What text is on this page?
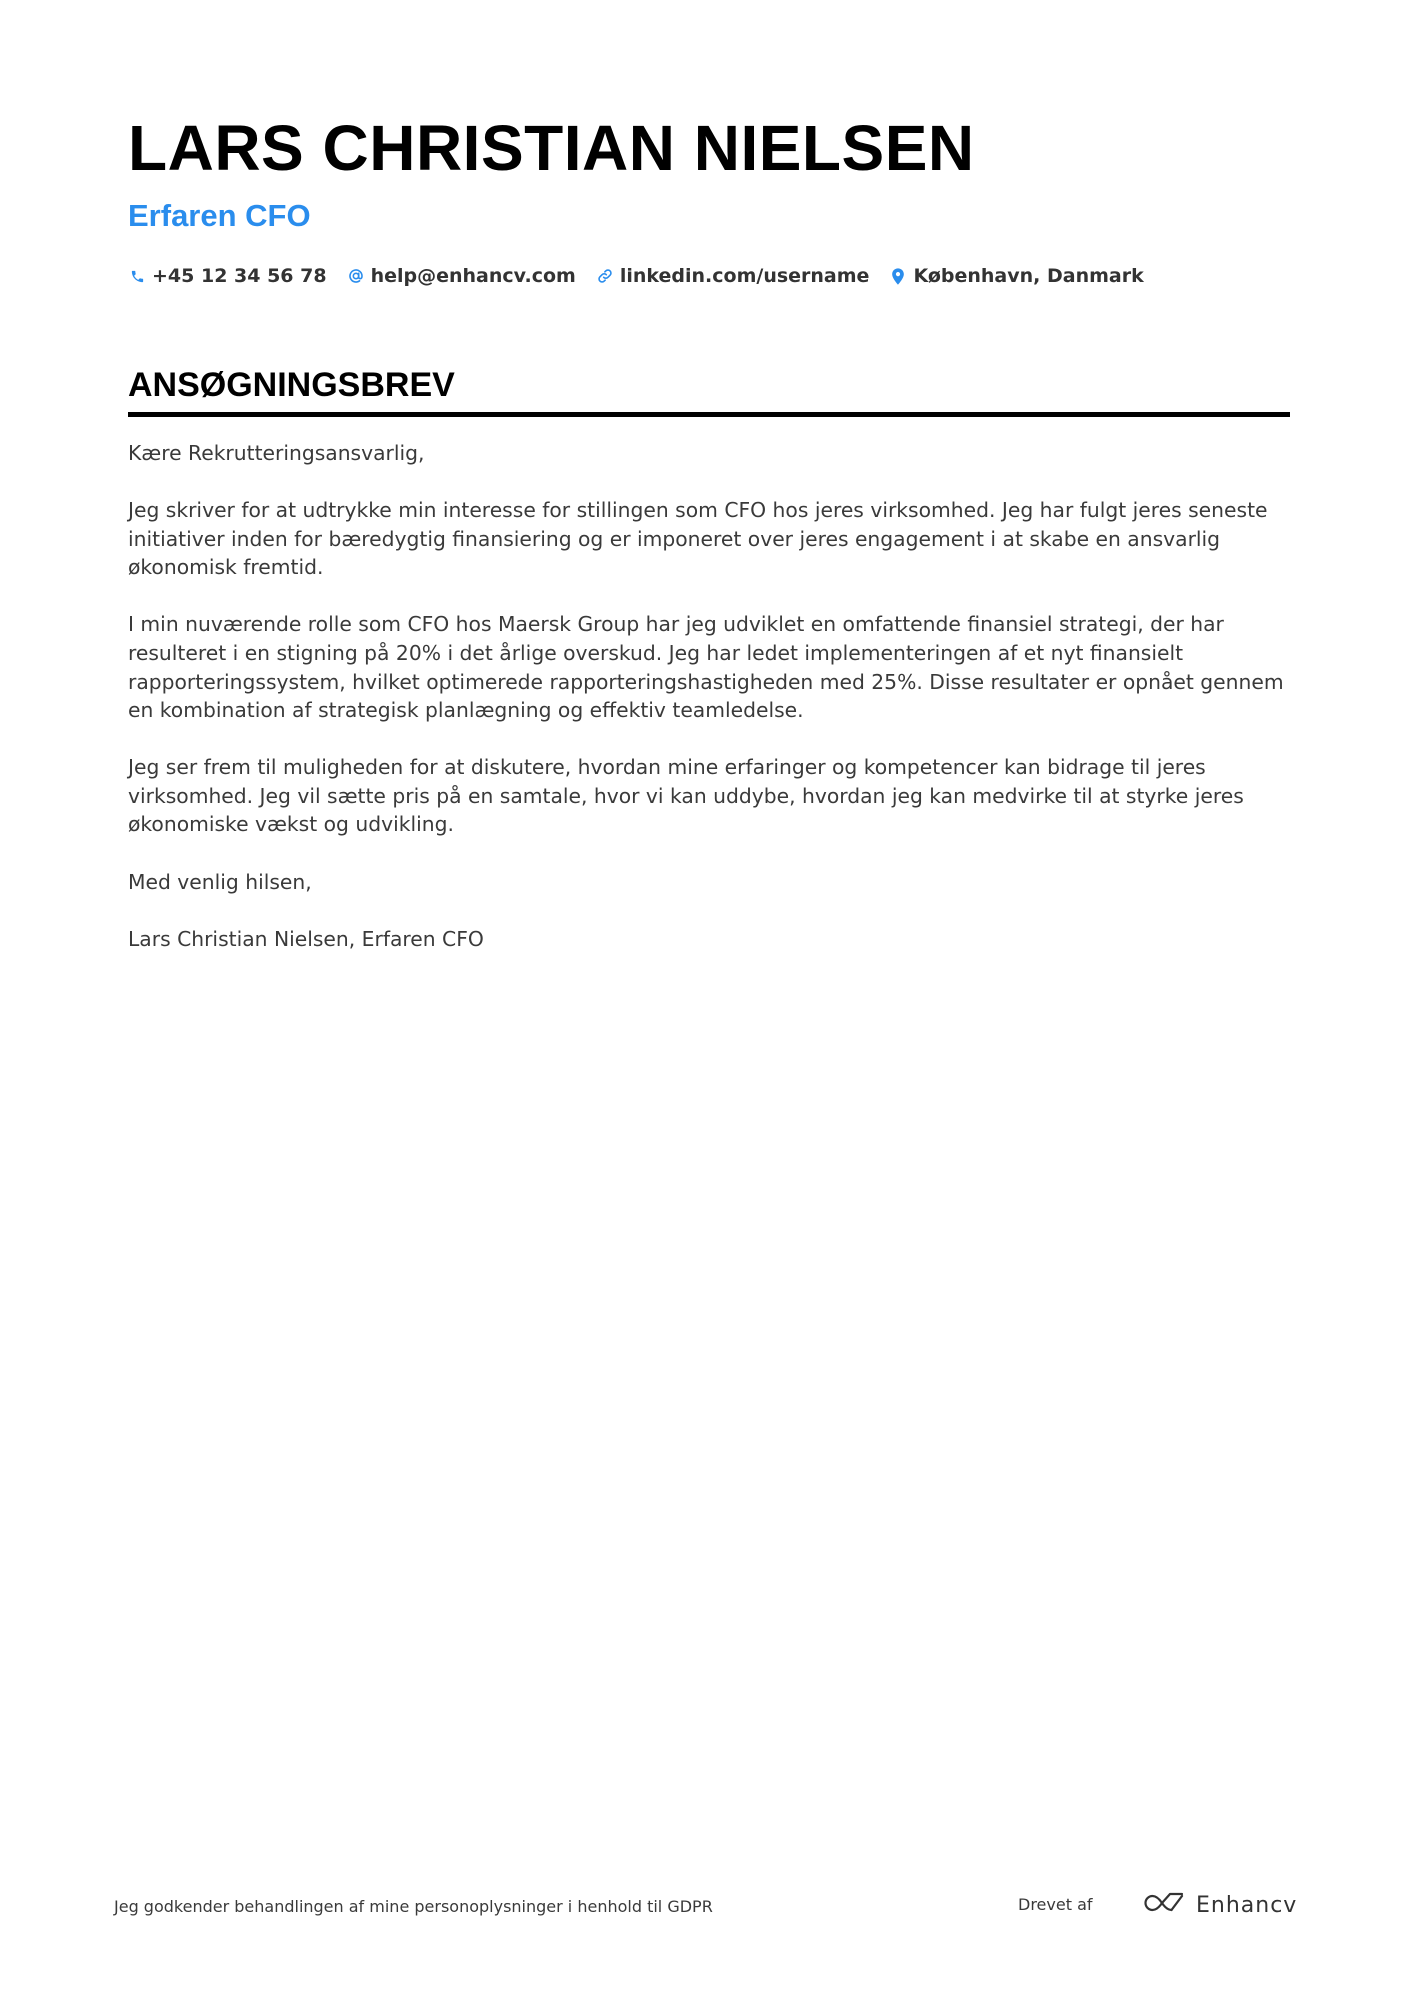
LARS CHRISTIAN NIELSEN
Erfaren CFO
+45 12 34 56 78 help@enhancv.com linkedin.com/username København, Danmark
ANSØGNINGSBREV

Kære Rekrutteringsansvarlig,

Jeg skriver for at udtrykke min interesse for stillingen som CFO hos jeres virksomhed. Jeg har fulgt jeres seneste initiativer inden for bæredygtig finansiering og er imponeret over jeres engagement i at skabe en ansvarlig økonomisk fremtid.

I min nuværende rolle som CFO hos Maersk Group har jeg udviklet en omfattende finansiel strategi, der har resulteret i en stigning på 20% i det årlige overskud. Jeg har ledet implementeringen af et nyt finansielt rapporteringssystem, hvilket optimerede rapporteringshastigheden med 25%. Disse resultater er opnået gennem en kombination af strategisk planlægning og effektiv teamledelse.

Jeg ser frem til muligheden for at diskutere, hvordan mine erfaringer og kompetencer kan bidrage til jeres virksomhed. Jeg vil sætte pris på en samtale, hvor vi kan uddybe, hvordan jeg kan medvirke til at styrke jeres økonomiske vækst og udvikling.

Med venlig hilsen,

Lars Christian Nielsen, Erfaren CFO

Jeg godkender behandlingen af mine personoplysninger i henhold til GDPR	Drevet af	Enhancv
